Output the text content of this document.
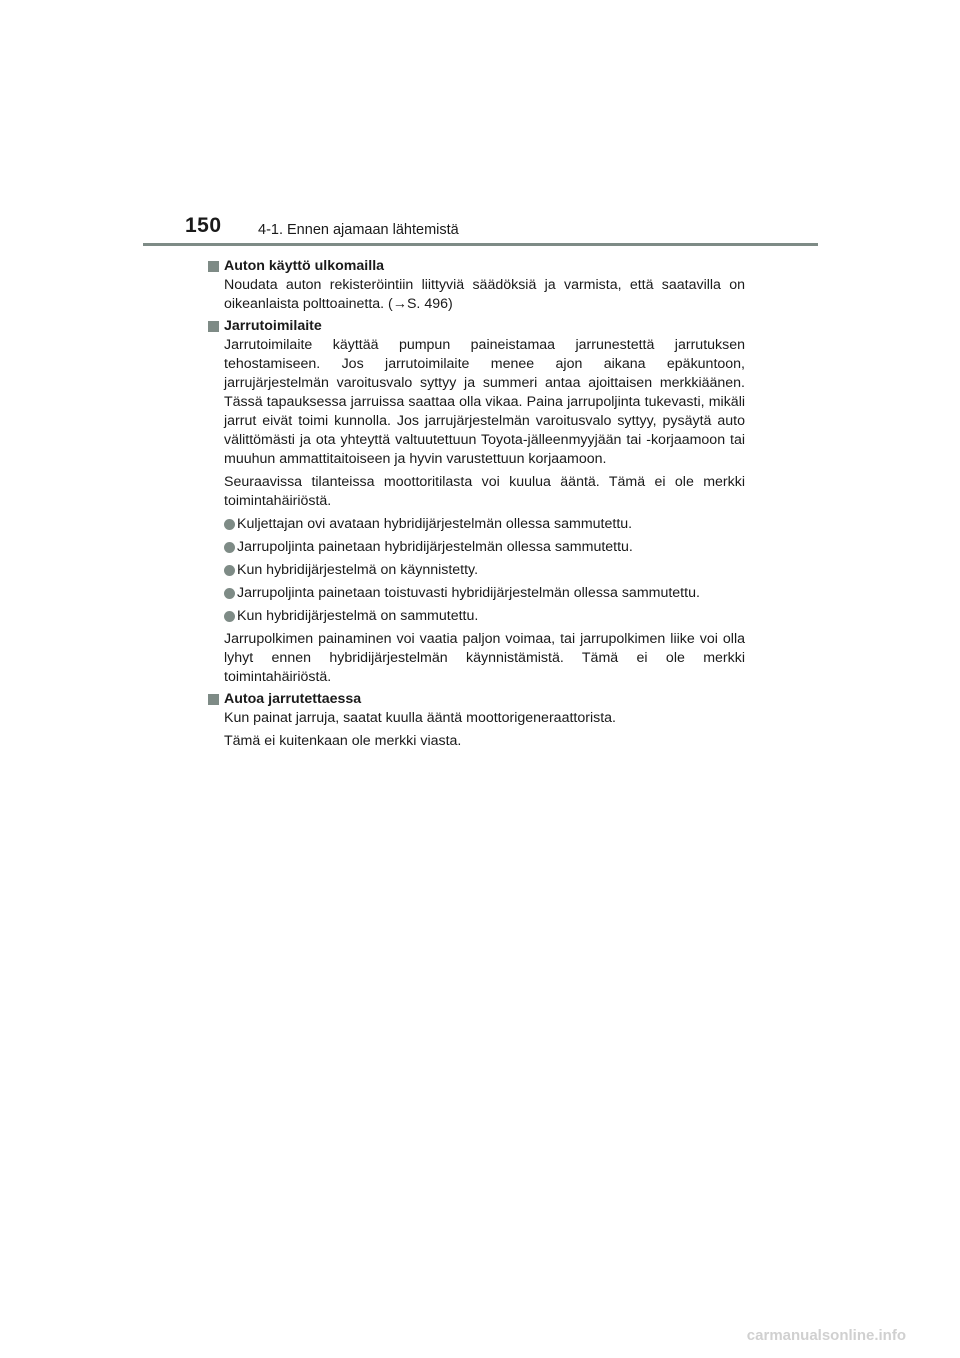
150	4-1. Ennen ajamaan lähtemistä
Auton käyttö ulkomailla

Noudata auton rekisteröintiin liittyviä säädöksiä ja varmista, että saatavilla on oikeanlaista polttoainetta. (→S. 496)

Jarrutoimilaite

Jarrutoimilaite käyttää pumpun paineistamaa jarrunestettä jarrutuksen tehostamiseen. Jos jarrutoimilaite menee ajon aikana epäkuntoon, jarrujärjestelmän varoitusvalo syttyy ja summeri antaa ajoittaisen merkkiäänen. Tässä tapauksessa jarruissa saattaa olla vikaa. Paina jarrupoljinta tukevasti, mikäli jarrut eivät toimi kunnolla. Jos jarrujärjestelmän varoitusvalo syttyy, pysäytä auto välittömästi ja ota yhteyttä valtuutettuun Toyota-jälleenmyyjään tai -korjaamoon tai muuhun ammattitaitoiseen ja hyvin varustettuun korjaamoon.

Seuraavissa tilanteissa moottoritilasta voi kuulua ääntä. Tämä ei ole merkki toimintahäiriöstä.

Kuljettajan ovi avataan hybridijärjestelmän ollessa sammutettu.
Jarrupoljinta painetaan hybridijärjestelmän ollessa sammutettu.
Kun hybridijärjestelmä on käynnistetty.
Jarrupoljinta painetaan toistuvasti hybridijärjestelmän ollessa sammutettu.
Kun hybridijärjestelmä on sammutettu.

Jarrupolkimen painaminen voi vaatia paljon voimaa, tai jarrupolkimen liike voi olla lyhyt ennen hybridijärjestelmän käynnistämistä. Tämä ei ole merkki toimintahäiriöstä.

Autoa jarrutettaessa

Kun painat jarruja, saatat kuulla ääntä moottorigeneraattorista.

Tämä ei kuitenkaan ole merkki viasta.

carmanualsonline.info
